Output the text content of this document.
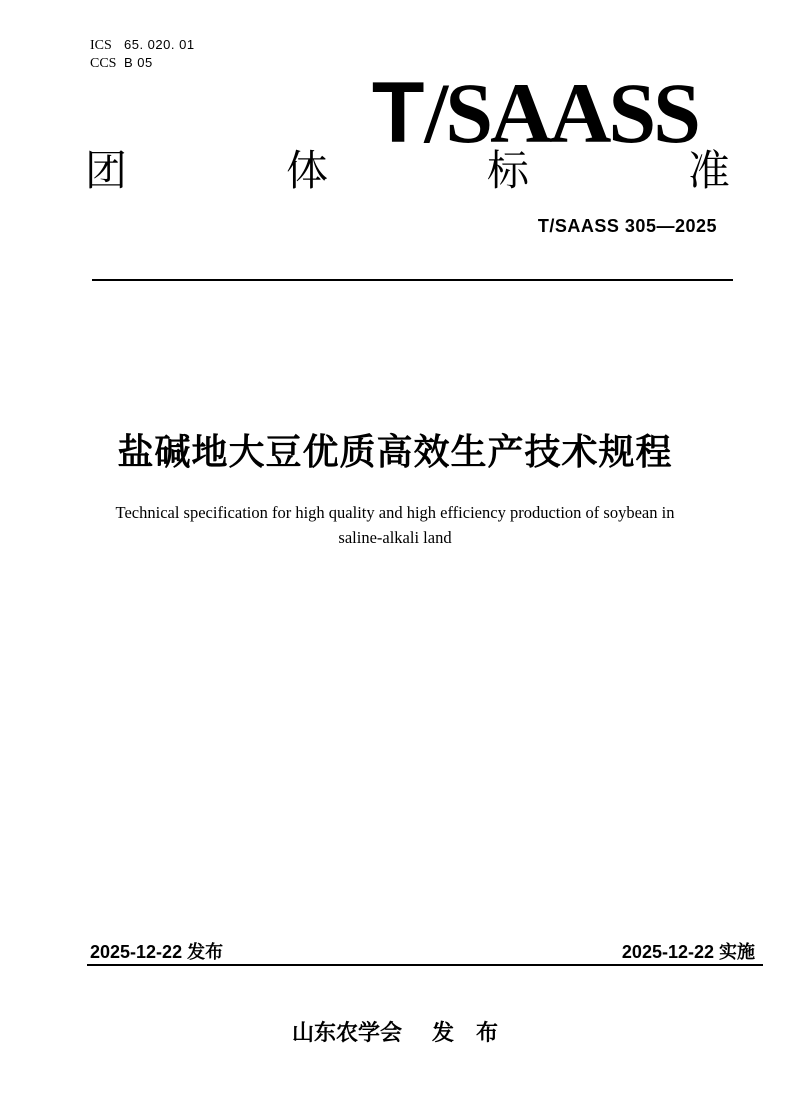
ICS 65. 020. 01
CCS B 05
T/SAASS
团	体	标	准
T/SAASS 305—2025
盐碱地大豆优质高效生产技术规程
Technical specification for high quality and high efficiency production of soybean in
saline-alkali land
2025-12-22 发布	2025-12-22 实施
山东农学会 发　布
